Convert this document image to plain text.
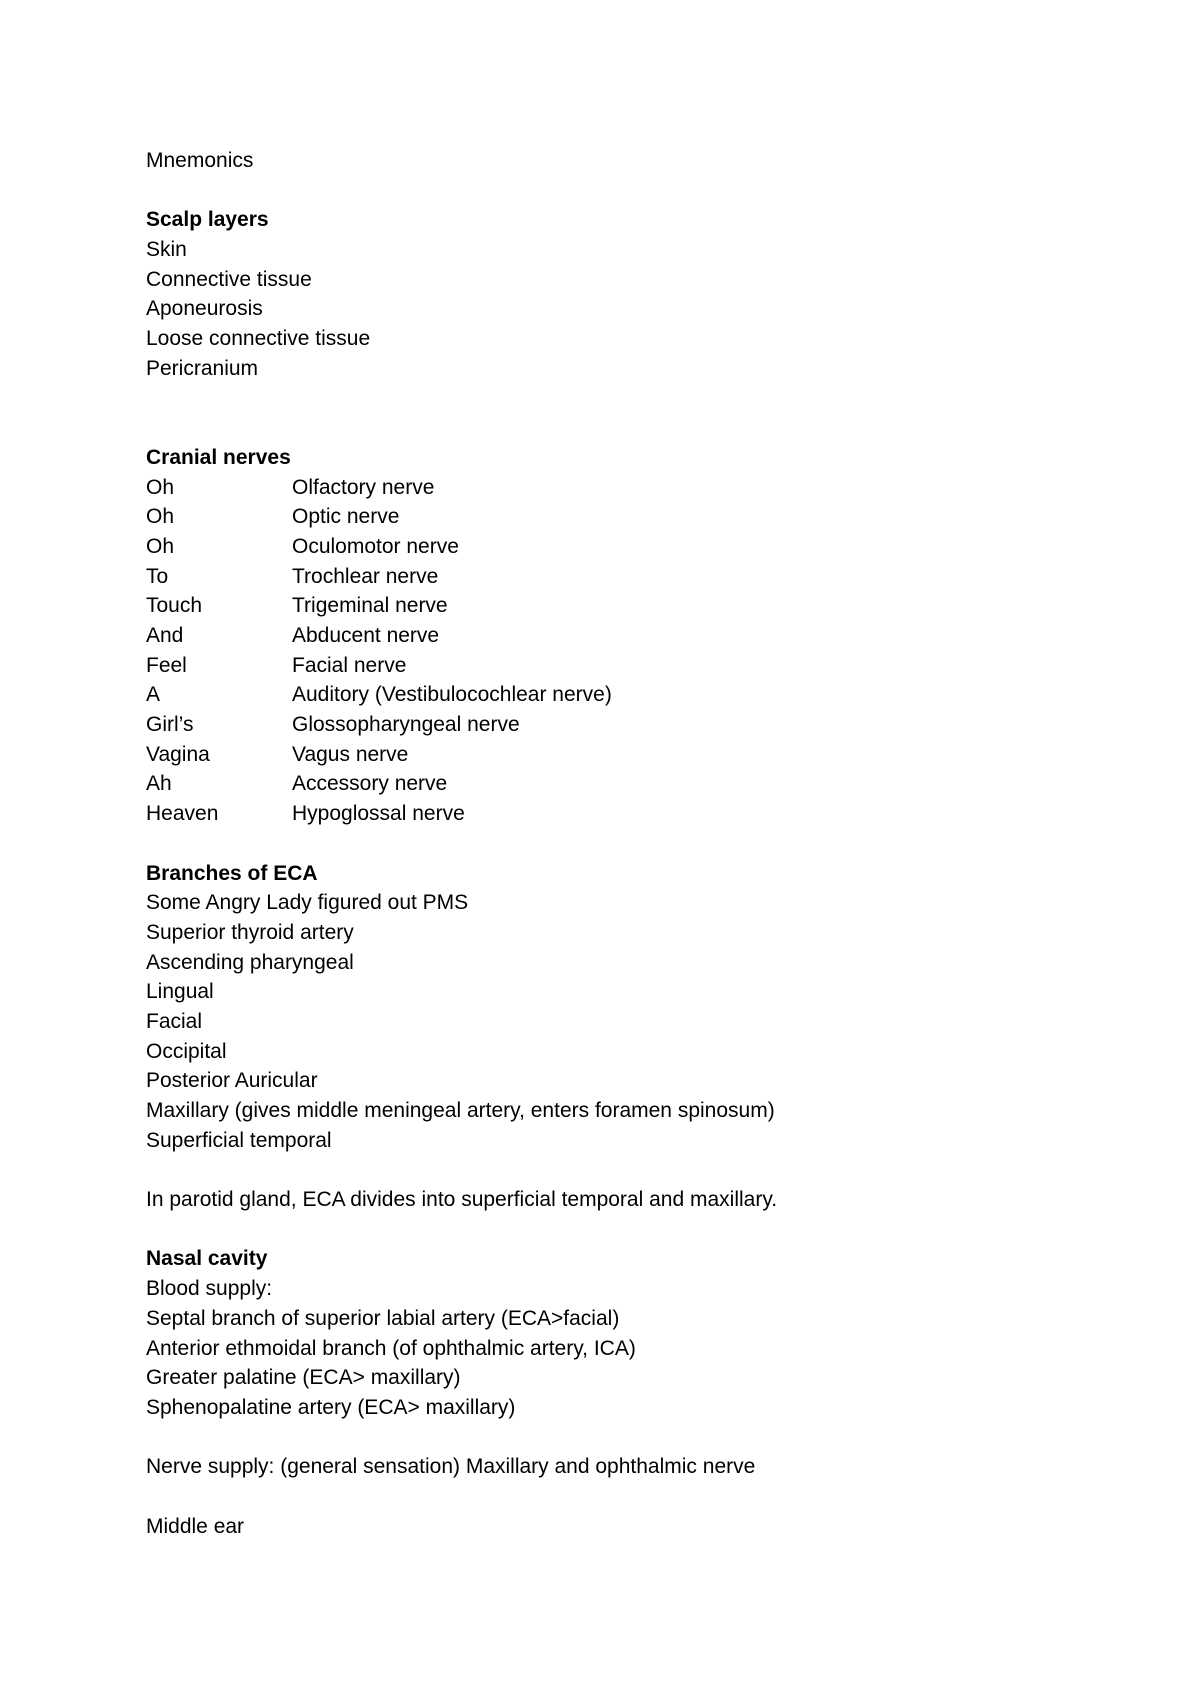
Mnemonics
Scalp layers
Skin
Connective tissue
Aponeurosis
Loose connective tissue
Pericranium
Cranial nerves
Oh	Olfactory nerve
Oh	Optic nerve
Oh	Oculomotor nerve
To	Trochlear nerve
Touch	Trigeminal nerve
And	Abducent nerve
Feel	Facial nerve
A	Auditory (Vestibulocochlear nerve)
Girl’s	Glossopharyngeal nerve
Vagina	Vagus nerve
Ah	Accessory nerve
Heaven	Hypoglossal nerve
Branches of ECA
Some Angry Lady figured out PMS
Superior thyroid artery
Ascending pharyngeal
Lingual
Facial
Occipital
Posterior Auricular
Maxillary (gives middle meningeal artery, enters foramen spinosum)
Superficial temporal
In parotid gland, ECA divides into superficial temporal and maxillary.
Nasal cavity
Blood supply:
Septal branch of superior labial artery (ECA>facial)
Anterior ethmoidal branch (of ophthalmic artery, ICA)
Greater palatine (ECA> maxillary)
Sphenopalatine artery (ECA> maxillary)
Nerve supply: (general sensation) Maxillary and ophthalmic nerve
Middle ear
